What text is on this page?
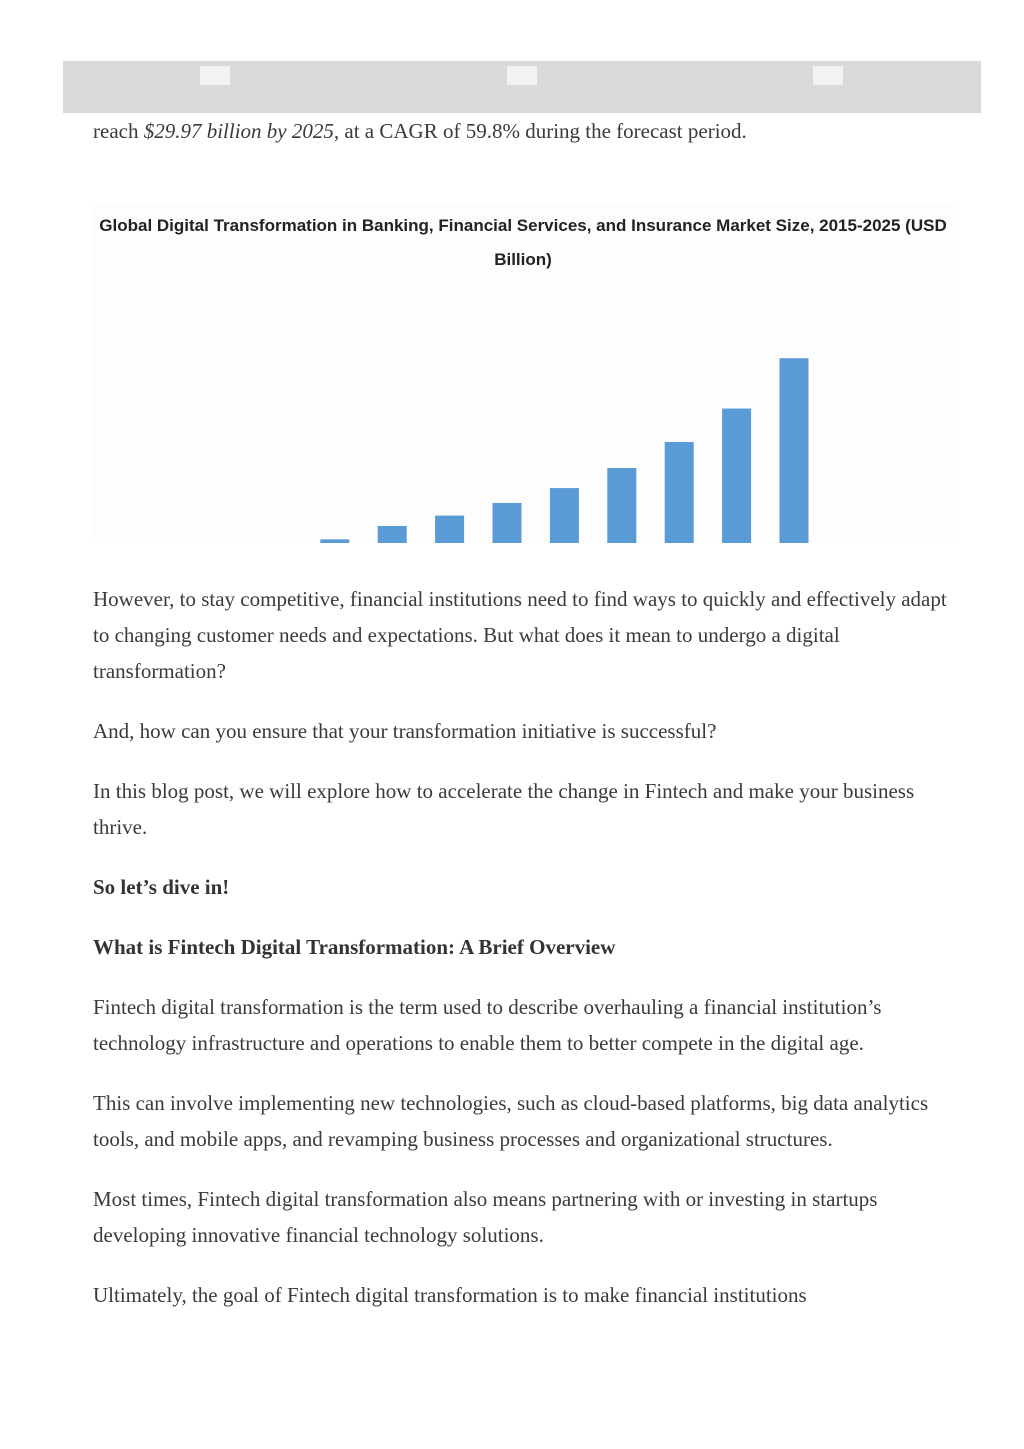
reach $29.97 billion by 2025, at a CAGR of 59.8% during the forecast period.

Global Digital Transformation in Banking, Financial Services, and Insurance Market Size, 2015-2025 (USD Billion)

However, to stay competitive, financial institutions need to find ways to quickly and effectively adapt to changing customer needs and expectations. But what does it mean to undergo a digital transformation?

And, how can you ensure that your transformation initiative is successful?

In this blog post, we will explore how to accelerate the change in Fintech and make your business thrive.

So let’s dive in!

What is Fintech Digital Transformation: A Brief Overview

Fintech digital transformation is the term used to describe overhauling a financial institution’s technology infrastructure and operations to enable them to better compete in the digital age.

This can involve implementing new technologies, such as cloud-based platforms, big data analytics tools, and mobile apps, and revamping business processes and organizational structures.

Most times, Fintech digital transformation also means partnering with or investing in startups developing innovative financial technology solutions.

Ultimately, the goal of Fintech digital transformation is to make financial institutions
